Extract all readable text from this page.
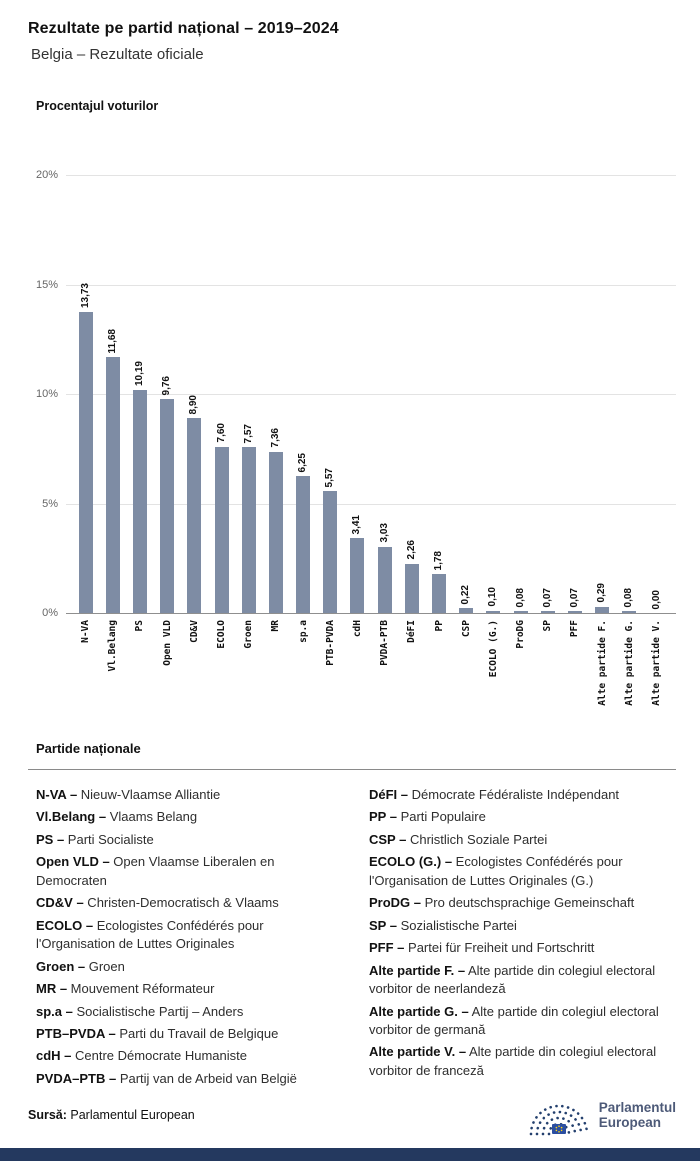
Rezultate pe partid național – 2019–2024
Belgia – Rezultate oficiale
Procentajul voturilor
20%
15%
10%
5%
0%
13,73
11,68
10,19 9,76
8,90
7,60 7,57 7,36
6,25
5,57
3,41 3,03
2,26
1,78
0,22 0,10 0,08 0,07 0,07 0,29 0,08 0,00
N-VA Vl.Belang PS Open VLD CD&V ECOLO Groen MR sp.a PTB-PVDA cdH PVDA-PTB DéFI PP CSP ECOLO (G.) ProDG SP PFF Alte partide F. Alte partide G. Alte partide V.
Partide naționale
N-VA – Nieuw-Vlaamse Alliantie
Vl.Belang – Vlaams Belang
PS – Parti Socialiste
Open VLD – Open Vlaamse Liberalen en Democraten
CD&V – Christen-Democratisch & Vlaams
ECOLO – Ecologistes Confédérés pour l'Organisation de Luttes Originales
Groen – Groen
MR – Mouvement Réformateur
sp.a – Socialistische Partij – Anders
PTB–PVDA – Parti du Travail de Belgique
cdH – Centre Démocrate Humaniste
PVDA–PTB – Partij van de Arbeid van België
DéFI – Démocrate Fédéraliste Indépendant
PP – Parti Populaire
CSP – Christlich Soziale Partei
ECOLO (G.) – Ecologistes Confédérés pour l'Organisation de Luttes Originales (G.)
ProDG – Pro deutschsprachige Gemeinschaft
SP – Sozialistische Partei
PFF – Partei für Freiheit und Fortschritt
Alte partide F. – Alte partide din colegiul electoral vorbitor de neerlandeză
Alte partide G. – Alte partide din colegiul electoral vorbitor de germană
Alte partide V. – Alte partide din colegiul electoral vorbitor de franceză
Sursă: Parlamentul European
Parlamentul
European
